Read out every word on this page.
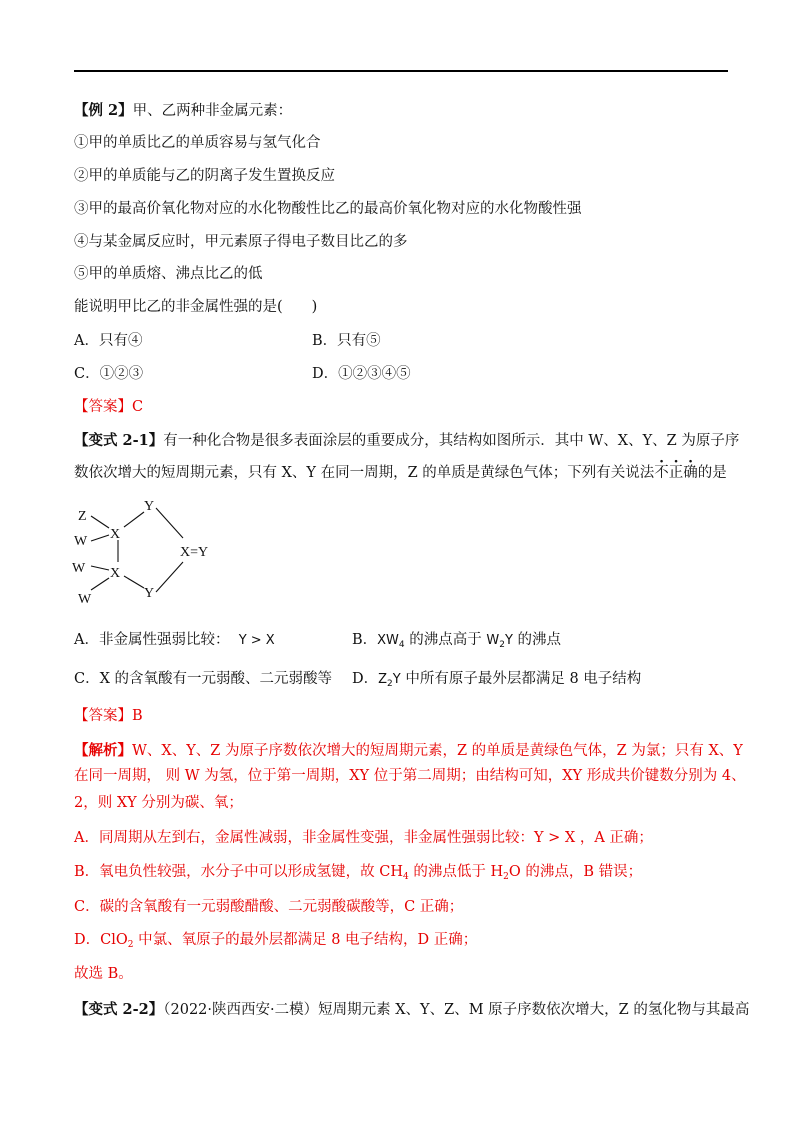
【例 2】甲、乙两种非金属元素：
①甲的单质比乙的单质容易与氢气化合
②甲的单质能与乙的阴离子发生置换反应
③甲的最高价氧化物对应的水化物酸性比乙的最高价氧化物对应的水化物酸性强
④与某金属反应时，甲元素原子得电子数目比乙的多
⑤甲的单质熔、沸点比乙的低
能说明甲比乙的非金属性强的是(　　)
A．只有④	B．只有⑤
C．①②③	D．①②③④⑤
【答案】C
【变式 2-1】有一种化合物是很多表面涂层的重要成分，其结构如图所示．其中 W、X、Y、Z 为原子序
数依次增大的短周期元素，只有 X、Y 在同一周期，Z 的单质是黄绿色气体；下列有关说法不正确的是
Z
W X
Y
X=Y
W X
Y
W
A．非金属性强弱比较： Y > X	B．$XW_4$ 的沸点高于 $W_2Y$ 的沸点
C．X 的含氧酸有一元弱酸、二元弱酸等 D．$Z_2Y$ 中所有原子最外层都满足 8 电子结构
【答案】B
【解析】W、X、Y、Z 为原子序数依次增大的短周期元素，Z 的单质是黄绿色气体，Z 为氯；只有 X、Y
在同一周期， 则 W 为氢，位于第一周期，XY 位于第二周期；由结构可知，XY 形成共价键数分别为 4、
2，则 XY 分别为碳、氧；
A．同周期从左到右，金属性减弱，非金属性变强，非金属性强弱比较：Y > X ，A 正确；
B．氧电负性较强，水分子中可以形成氢键，故 $CH_4$ 的沸点低于 $H_2O$ 的沸点，B 错误；
C．碳的含氧酸有一元弱酸醋酸、二元弱酸碳酸等，C 正确；
D．ClO$_2$ 中氯、氧原子的最外层都满足 8 电子结构，D 正确；
故选 B。
【变式 2-2】（2022·陕西西安·二模）短周期元素 X、Y、Z、M 原子序数依次增大，Z 的氢化物与其最高
